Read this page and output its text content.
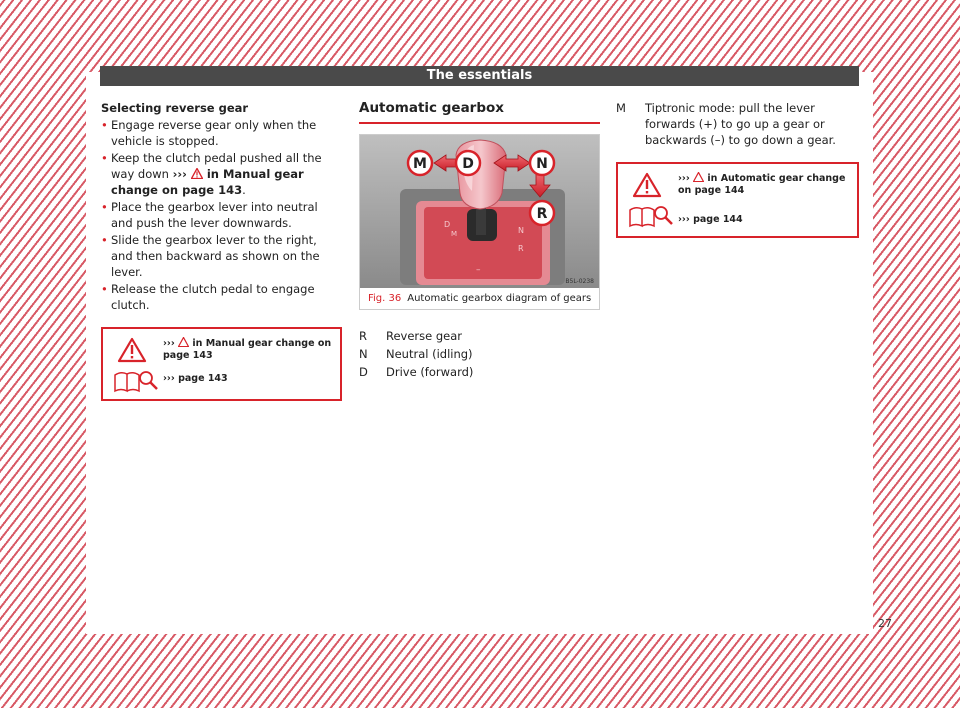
The essentials
Selecting reverse gear
• Engage reverse gear only when the vehicle is stopped.
• Keep the clutch pedal pushed all the way down ›››  in Manual gear change on page 143.
• Place the gearbox lever into neutral and push the lever downwards.
• Slide the gearbox lever to the right, and then backward as shown on the lever.
• Release the clutch pedal to engage clutch.
›››  in Manual gear change on page 143
››› page 143
Automatic gearbox
D
M	N
R
–
M	D	N
R
B5L-0238
Fig. 36 Automatic gearbox diagram of gears
R	Reverse gear
N	Neutral (idling)
D	Drive (forward)
M	Tiptronic mode: pull the lever forwards (+) to go up a gear or backwards (–) to go down a gear.
›››  in Automatic gear change on page 144
››› page 144
27
